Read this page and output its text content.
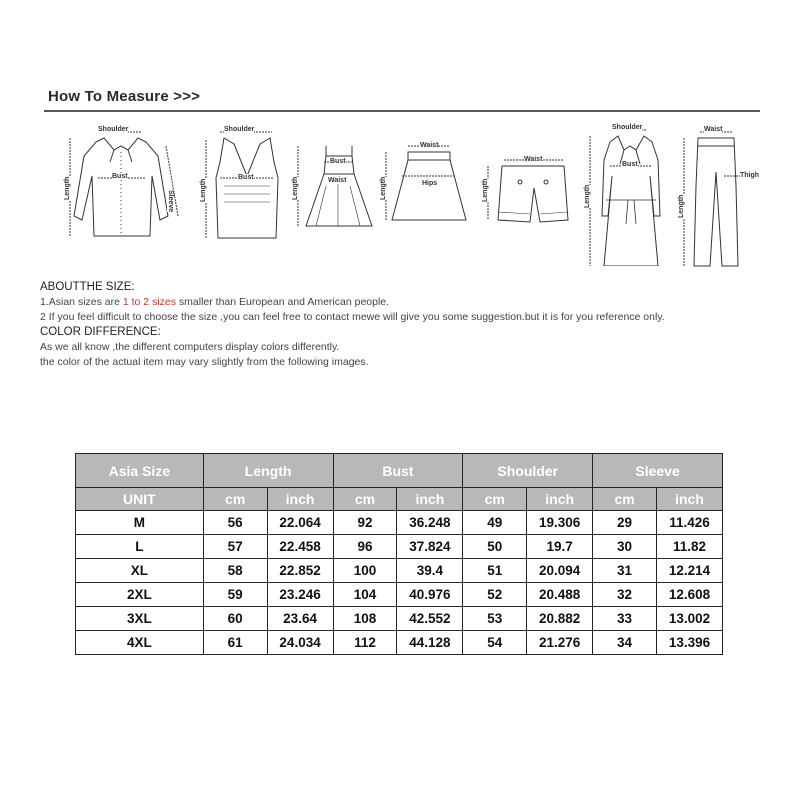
How To Measure >>>
Shoulder
Bust
Length
Sleeve
Shoulder
Bust
Length
Bust
Waist
Length
Waist
Hips
Length
Waist
Length
Shoulder
Bust
Length
Waist
Thigh
Length
ABOUTTHE SIZE:
1.Asian sizes are 1 to 2 sizes smaller than European and American people.
2 If you feel difficult to choose the size ,you can feel free to contact mewe will give you some suggestion.but it is for you reference only.
COLOR DIFFERENCE:
As we all know ,the different computers display colors differently.
the color of the actual item may vary slightly from the following images.
Asia Size	Length		Bust		Shoulder		Sleeve	
UNIT	cm	inch	cm	inch	cm	inch	cm	inch
M	56	22.064	92	36.248	49	19.306	29	11.426
L	57	22.458	96	37.824	50	19.7	30	11.82
XL	58	22.852	100	39.4	51	20.094	31	12.214
2XL	59	23.246	104	40.976	52	20.488	32	12.608
3XL	60	23.64	108	42.552	53	20.882	33	13.002
4XL	61	24.034	112	44.128	54	21.276	34	13.396
